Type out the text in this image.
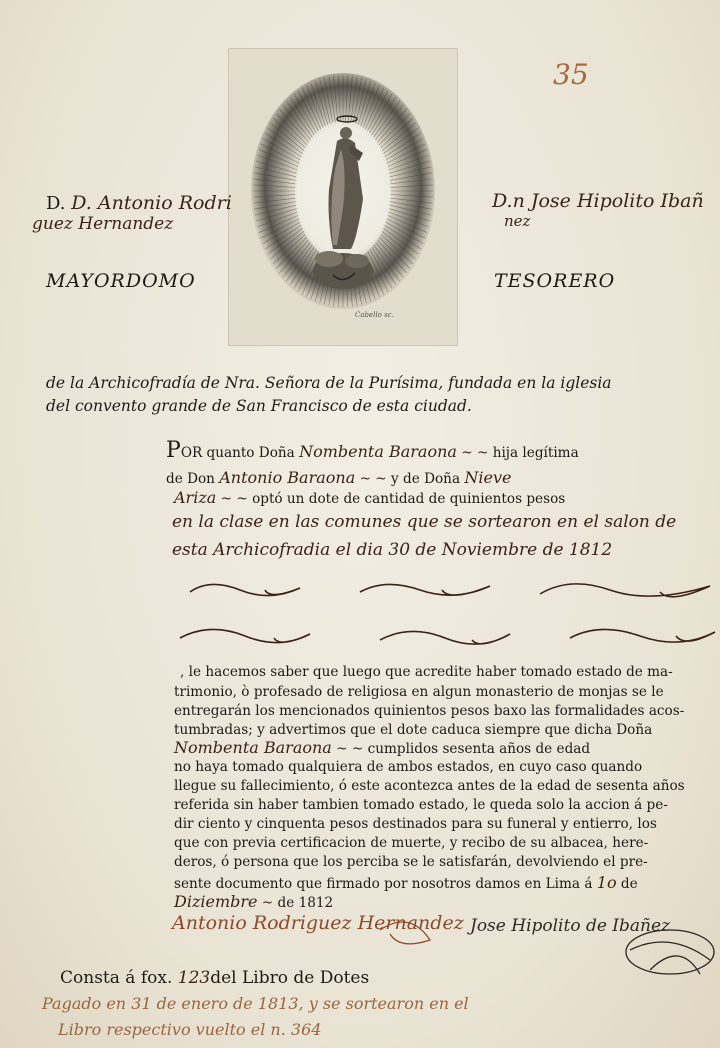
35
Cabello sc.
D. D. Antonio Rodri
guez Hernandez
D.n Jose Hipolito Ibañ
nez
MAYORDOMO	TESORERO
de la Archicofradía de Nra. Señora de la Purísima, fundada en la iglesia
del convento grande de San Francisco de esta ciudad.
POR quanto Doña Nombenta Baraona ~ ~ hija legítima
de Don Antonio Baraona ~ ~ y de Doña Nieve
Ariza ~ ~ optó un dote de cantidad de quinientos pesos
en la clase en las comunes que se sortearon en el salon de
esta Archicofradia el dia 30 de Noviembre de 1812
, le hacemos saber que luego que acredite haber tomado estado de ma-
trimonio, ò profesado de religiosa en algun monasterio de monjas se le
entregarán los mencionados quinientos pesos baxo las formalidades acos-
tumbradas; y advertimos que el dote caduca siempre que dicha Doña
Nombenta Baraona ~ ~ cumplidos sesenta años de edad
no haya tomado qualquiera de ambos estados, en cuyo caso quando
llegue su fallecimiento, ó este acontezca antes de la edad de sesenta años
referida sin haber tambien tomado estado, le queda solo la accion á pe-
dir ciento y cinquenta pesos destinados para su funeral y entierro, los
que con previa certificacion de muerte, y recibo de su albacea, here-
deros, ó persona que los perciba se le satisfarán, devolviendo el pre-
sente documento que firmado por nosotros damos en Lima á 1o de
Diziembre ~ de 1812
Antonio Rodriguez Hernandez Jose Hipolito de Ibañez
Consta á fox. 123del Libro de Dotes
Pagado en 31 de enero de 1813, y se sortearon en el
Libro respectivo vuelto el n. 364
